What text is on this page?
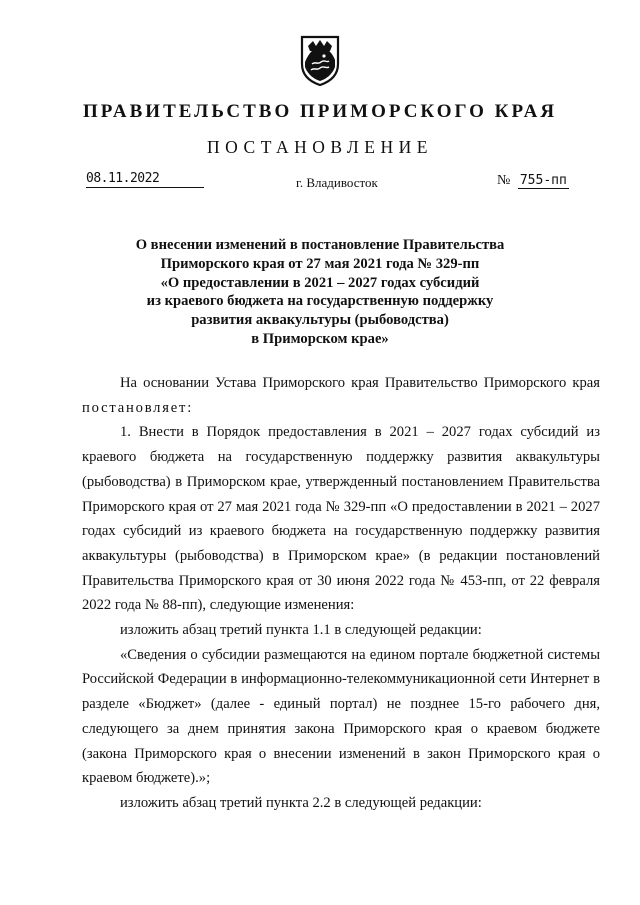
ПРАВИТЕЛЬСТВО ПРИМОРСКОГО КРАЯ
ПОСТАНОВЛЕНИЕ
08.11.2022	г. Владивосток	№ 755-пп
О внесении изменений в постановление Правительства
Приморского края от 27 мая 2021 года № 329-пп
«О предоставлении в 2021 – 2027 годах субсидий
из краевого бюджета на государственную поддержку
развития аквакультуры (рыбоводства)
в Приморском крае»

На основании Устава Приморского края Правительство Приморского края постановляет:

1. Внести в Порядок предоставления в 2021 – 2027 годах субсидий из краевого бюджета на государственную поддержку развития аквакультуры (рыбоводства) в Приморском крае, утвержденный постановлением Правительства Приморского края от 27 мая 2021 года № 329-пп «О предоставлении в 2021 – 2027 годах субсидий из краевого бюджета на государственную поддержку развития аквакультуры (рыбоводства) в Приморском крае» (в редакции постановлений Правительства Приморского края от 30 июня 2022 года № 453-пп, от 22 февраля 2022 года № 88-пп), следующие изменения:

изложить абзац третий пункта 1.1 в следующей редакции:

«Сведения о субсидии размещаются на едином портале бюджетной системы Российской Федерации в информационно-телекоммуникационной сети Интернет в разделе «Бюджет» (далее - единый портал) не позднее 15-го рабочего дня, следующего за днем принятия закона Приморского края о краевом бюджете (закона Приморского края о внесении изменений в закон Приморского края о краевом бюджете).»;

изложить абзац третий пункта 2.2 в следующей редакции:
